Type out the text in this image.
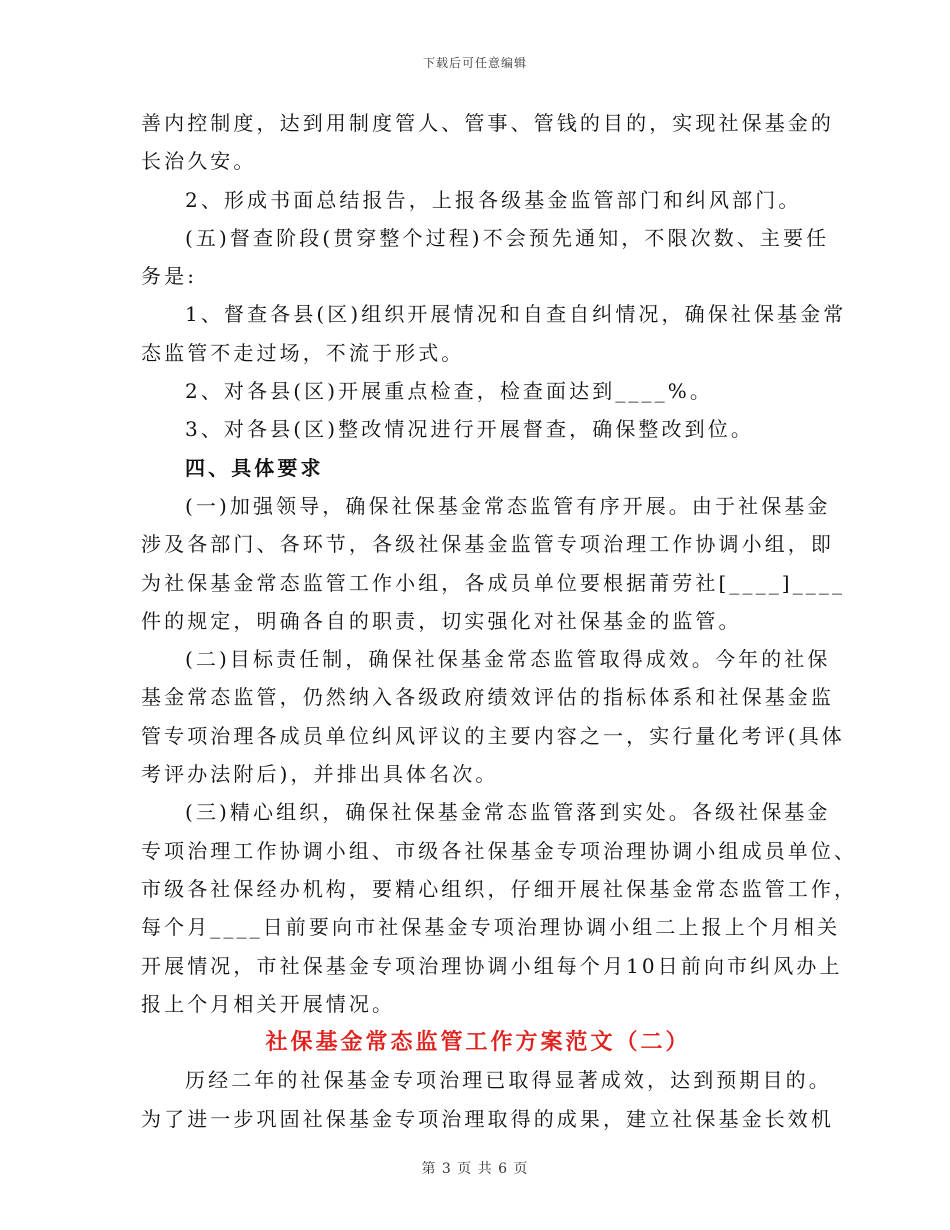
下载后可任意编辑
善内控制度，达到用制度管人、管事、管钱的目的，实现社保基金的
长治久安。
2、形成书面总结报告，上报各级基金监管部门和纠风部门。
(五)督查阶段(贯穿整个过程)不会预先通知，不限次数、主要任
务是:
1、督查各县(区)组织开展情况和自查自纠情况，确保社保基金常
态监管不走过场，不流于形式。
2、对各县(区)开展重点检查，检查面达到____%。
3、对各县(区)整改情况进行开展督查，确保整改到位。
四、具体要求
(一)加强领导，确保社保基金常态监管有序开展。由于社保基金
涉及各部门、各环节，各级社保基金监管专项治理工作协调小组，即
为社保基金常态监管工作小组，各成员单位要根据莆劳社[____]____
件的规定，明确各自的职责，切实强化对社保基金的监管。
(二)目标责任制，确保社保基金常态监管取得成效。今年的社保
基金常态监管，仍然纳入各级政府绩效评估的指标体系和社保基金监
管专项治理各成员单位纠风评议的主要内容之一，实行量化考评(具体
考评办法附后)，并排出具体名次。
(三)精心组织，确保社保基金常态监管落到实处。各级社保基金
专项治理工作协调小组、市级各社保基金专项治理协调小组成员单位、
市级各社保经办机构，要精心组织，仔细开展社保基金常态监管工作，
每个月____日前要向市社保基金专项治理协调小组二上报上个月相关
开展情况，市社保基金专项治理协调小组每个月10日前向市纠风办上
报上个月相关开展情况。
社保基金常态监管工作方案范文（二）
历经二年的社保基金专项治理已取得显著成效，达到预期目的。
为了进一步巩固社保基金专项治理取得的成果，建立社保基金长效机
第 3 页 共 6 页
